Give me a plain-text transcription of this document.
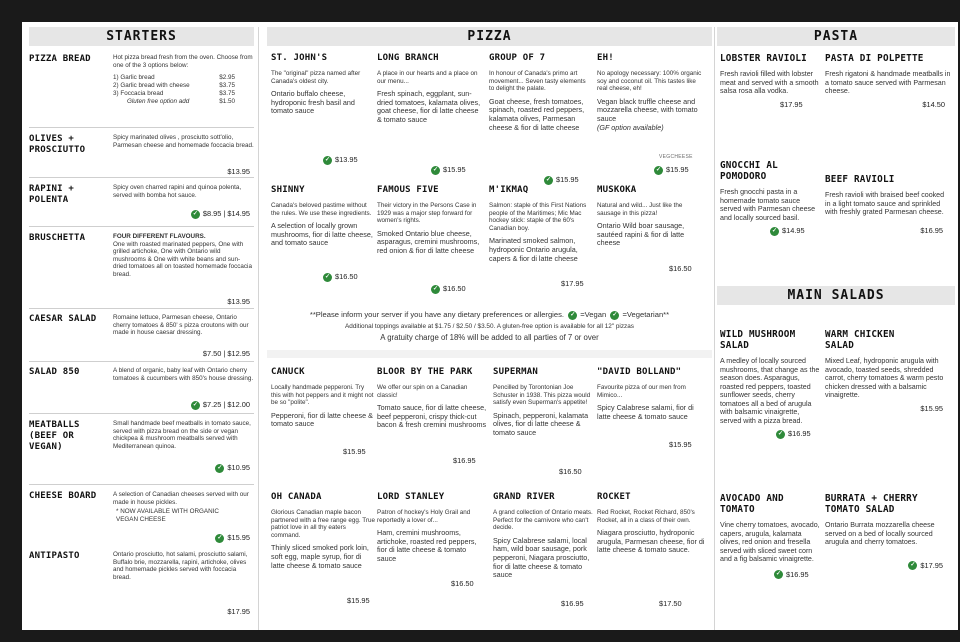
STARTERS
PIZZA BREAD	Hot pizza bread fresh from the oven. Choose from one of the 3 options below:
1) Garlic bread	$2.95
2) Garlic bread with cheese	$3.75
3) Foccacia bread	$3.75
Gluten free option add	$1.50
OLIVES + PROSCIUTTO
Spicy marinated olives , prosciutto sott'olio, Parmesan cheese and homemade foccacia bread.
$13.95
RAPINI + POLENTA
Spicy oven charred rapini and quinoa polenta, served with bomba hot sauce.
✓ $8.95 | $14.95
BRUSCHETTA	FOUR DIFFERENT FLAVOURS.
One with roasted marinated peppers, One with grilled artichoke, One with Ontario wild mushrooms & One with white beans and sun-dried tomatoes all on toasted homemade foccacia bread.
$13.95
CAESAR SALAD	Romaine lettuce, Parmesan cheese, Ontario cherry tomatoes & 850' s pizza croutons with our made in house caesar dressing.
$7.50 | $12.95
SALAD 850	A blend of organic, baby leaf with Ontario cherry tomatoes & cucumbers with 850's house dressing.
✓ $7.25 | $12.00
MEATBALLS (BEEF OR VEGAN)
Small handmade beef meatballs in tomato sauce, served with pizza bread on the side or vegan chickpea & mushroom meatballs served with Mediterranean quinoa.
✓ $10.95
CHEESE BOARD	A selection of Canadian cheeses served with our made in house pickles.
* NOW AVAILABLE WITH ORGANIC VEGAN CHEESE
✓ $15.95
ANTIPASTO	Ontario prosciutto, hot salami, prosciutto salami, Buffalo brie, mozzarella, rapini, artichoke, olives and homemade pickles served with foccacia bread.
$17.95
PIZZA
ST. JOHN'S
The "original" pizza named after Canada's oldest city.
Ontario buffalo cheese, hydroponic fresh basil and tomato sauce
✓ $13.95
LONG BRANCH
A place in our hearts and a place on our menu...
Fresh spinach, eggplant, sun-dried tomatoes, kalamata olives, goat cheese, fior di latte cheese & tomato sauce
✓ $15.95
GROUP OF 7
In honour of Canada's primo art movement... Seven tasty elements to delight the palate.
Goat cheese, fresh tomatoes, spinach, roasted red peppers, kalamata olives, Parmesan cheese & fior di latte cheese
✓ $15.95
EH!
No apology necessary: 100% organic soy and coconut oil. This tastes like real cheese, eh!
Vegan black truffle cheese and mozzarella cheese, with tomato sauce
(GF option available)
VEGCHEESE
✓ $15.95
SHINNY
Canada's beloved pastime without the rules. We use these ingredients.
A selection of locally grown mushrooms, fior di latte cheese, and tomato sauce
✓ $16.50
FAMOUS FIVE
Their victory in the Persons Case in 1929 was a major step forward for women's rights.
Smoked Ontario blue cheese, asparagus, cremini mushrooms, red onion & fior di latte cheese
✓ $16.50
M'IKMAQ
Salmon: staple of this First Nations people of the Maritimes; Mic Mac hockey stick: staple of the 60's Canadian boy.
Marinated smoked salmon, hydroponic Ontario arugula, capers & fior di latte cheese
$17.95
MUSKOKA
Natural and wild... Just like the sausage in this pizza!
Ontario Wild boar sausage, sautéed rapini & fior di latte cheese
$16.50
**Please inform your server if you have any dietary preferences or allergies. ✓ =Vegan ✓ =Vegetarian**
Additional toppings available at $1.75 / $2.50 / $3.50. A gluten-free option is available for all 12" pizzas
A gratuity charge of 18% will be added to all parties of 7 or over
CANUCK
Locally handmade pepperoni. Try this with hot peppers and it might not be so "polite".
Pepperoni, fior di latte cheese & tomato sauce
$15.95
BLOOR BY THE PARK
We offer our spin on a Canadian classic!
Tomato sauce, fior di latte cheese, beef pepperoni, crispy thick-cut bacon & fresh cremini mushrooms
$16.95
SUPERMAN
Pencilled by Torontonian Joe Schuster in 1938. This pizza would satisfy even Superman's appetite!
Spinach, pepperoni, kalamata olives, fior di latte cheese & tomato sauce
$16.50
"DAVID BOLLAND"
Favourite pizza of our men from Mimico...
Spicy Calabrese salami, fior di latte cheese & tomato sauce
$15.95
OH CANADA
Glorious Canadian maple bacon partnered with a free range egg. True patriot love in all thy eaters command.
Thinly sliced smoked pork loin, soft egg, maple syrup, fior di latte cheese & tomato sauce
$15.95
LORD STANLEY
Patron of hockey's Holy Grail and reportedly a lover of...
Ham, cremini mushrooms, artichoke, roasted red peppers, fior di latte cheese & tomato sauce
$16.50
GRAND RIVER
A grand collection of Ontario meats. Perfect for the carnivore who can't decide.
Spicy Calabrese salami, local ham, wild boar sausage, pork pepperoni, Niagara prosciutto, fior di latte cheese & tomato sauce
$16.95
ROCKET
Red Rocket, Rocket Richard, 850's Rocket, all in a class of their own.
Niagara prosciutto, hydroponic arugula, Parmesan cheese, fior di latte cheese & tomato sauce.
$17.50
PASTA
LOBSTER RAVIOLI
Fresh ravioli filled with lobster meat and served with a smooth salsa rosa alla vodka.
$17.95
PASTA DI POLPETTE
Fresh rigatoni & handmade meatballs in a tomato sauce served with Parmesan cheese.
$14.50
GNOCCHI AL POMODORO
Fresh gnocchi pasta in a homemade tomato sauce served with Parmesan cheese and locally sourced basil.
✓ $14.95
BEEF RAVIOLI
Fresh ravioli with braised beef cooked in a light tomato sauce and sprinkled with freshly grated Parmesan cheese.
$16.95
MAIN SALADS
WILD MUSHROOM SALAD
A medley of locally sourced mushrooms, that change as the season does. Asparagus, roasted red peppers, toasted sunflower seeds, cherry tomatoes all a bed of arugula with balsamic vinaigrette, served with a pizza bread.
✓ $16.95
WARM CHICKEN SALAD
Mixed Leaf, hydroponic arugula with avocado, toasted seeds, shredded carrot, cherry tomatoes & warm pesto chicken dressed with a balsamic vinaigrette.
$15.95
AVOCADO AND TOMATO
Vine cherry tomatoes, avocado, capers, arugula, kalamata olives, red onion and fresella served with sliced sweet corn and a fig balsamic vinaigrette.
✓ $16.95
BURRATA + CHERRY TOMATO SALAD
Ontario Burrata mozzarella cheese served on a bed of locally sourced arugula and cherry tomatoes.
✓ $17.95
